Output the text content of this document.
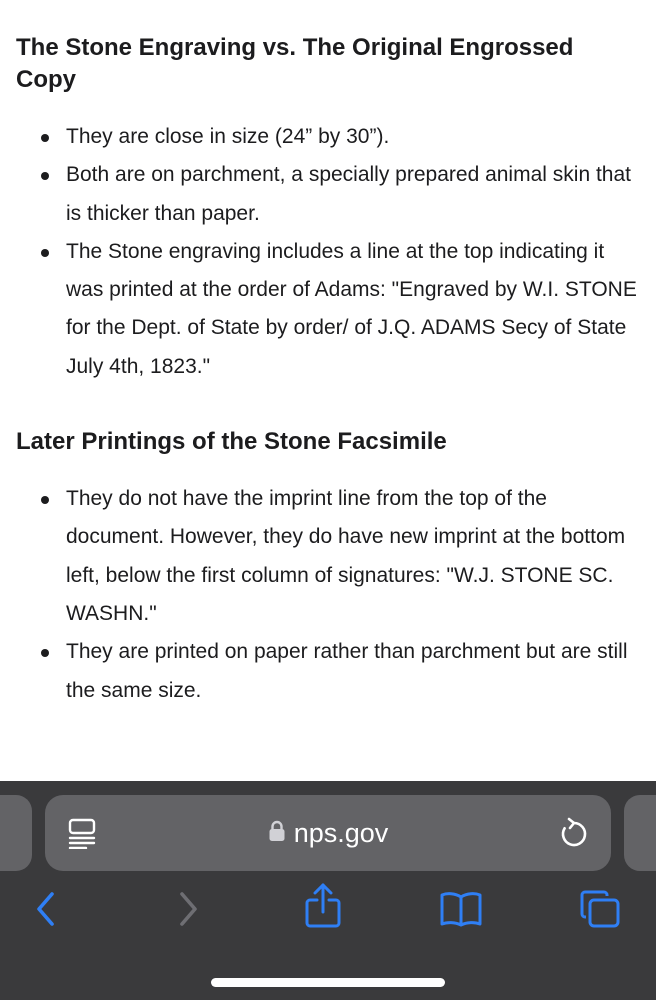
The Stone Engraving vs. The Original Engrossed Copy
They are close in size (24” by 30”).
Both are on parchment, a specially prepared animal skin that is thicker than paper.
The Stone engraving includes a line at the top indicating it was printed at the order of Adams: "Engraved by W.I. STONE for the Dept. of State by order/ of J.Q. ADAMS Secy of State July 4th, 1823."
Later Printings of the Stone Facsimile
They do not have the imprint line from the top of the document. However, they do have new imprint at the bottom left, below the first column of signatures: "W.J. STONE SC. WASHN."
They are printed on paper rather than parchment but are still the same size.
nps.gov
